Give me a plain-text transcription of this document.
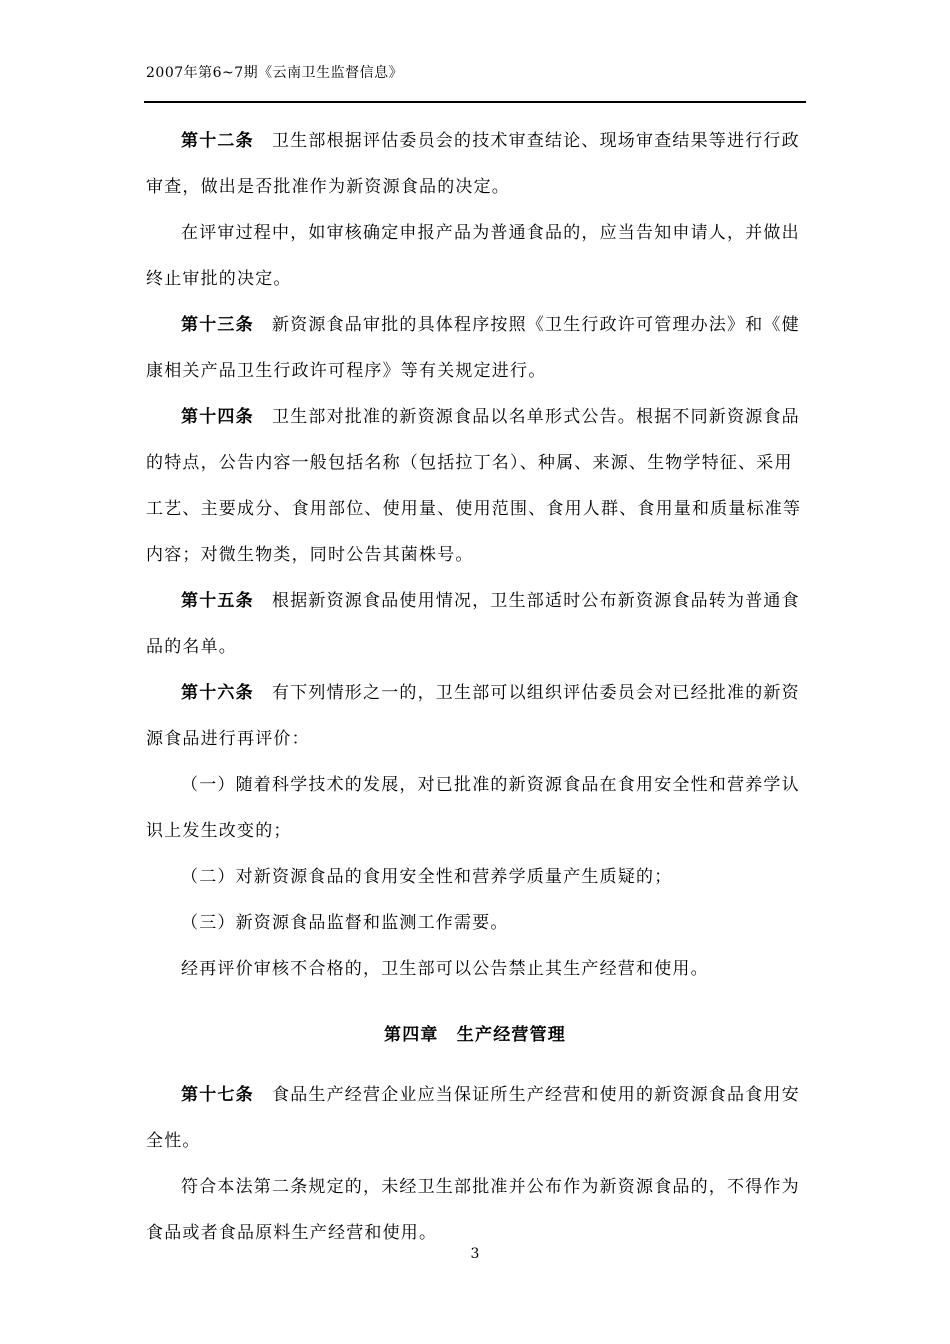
2007年第6~7期《云南卫生监督信息》

第十二条　卫生部根据评估委员会的技术审查结论、现场审查结果等进行行政审查，做出是否批准作为新资源食品的决定。

在评审过程中，如审核确定申报产品为普通食品的，应当告知申请人，并做出终止审批的决定。

第十三条　新资源食品审批的具体程序按照《卫生行政许可管理办法》和《健康相关产品卫生行政许可程序》等有关规定进行。

第十四条　卫生部对批准的新资源食品以名单形式公告。根据不同新资源食品的特点，公告内容一般包括名称（包括拉丁名）、种属、来源、生物学特征、采用工艺、主要成分、食用部位、使用量、使用范围、食用人群、食用量和质量标准等内容；对微生物类，同时公告其菌株号。

第十五条　根据新资源食品使用情况，卫生部适时公布新资源食品转为普通食品的名单。

第十六条　有下列情形之一的，卫生部可以组织评估委员会对已经批准的新资源食品进行再评价：

（一）随着科学技术的发展，对已批准的新资源食品在食用安全性和营养学认识上发生改变的；

（二）对新资源食品的食用安全性和营养学质量产生质疑的；

（三）新资源食品监督和监测工作需要。

经再评价审核不合格的，卫生部可以公告禁止其生产经营和使用。

第四章　生产经营管理

第十七条　食品生产经营企业应当保证所生产经营和使用的新资源食品食用安全性。

符合本法第二条规定的，未经卫生部批准并公布作为新资源食品的，不得作为食品或者食品原料生产经营和使用。

3
